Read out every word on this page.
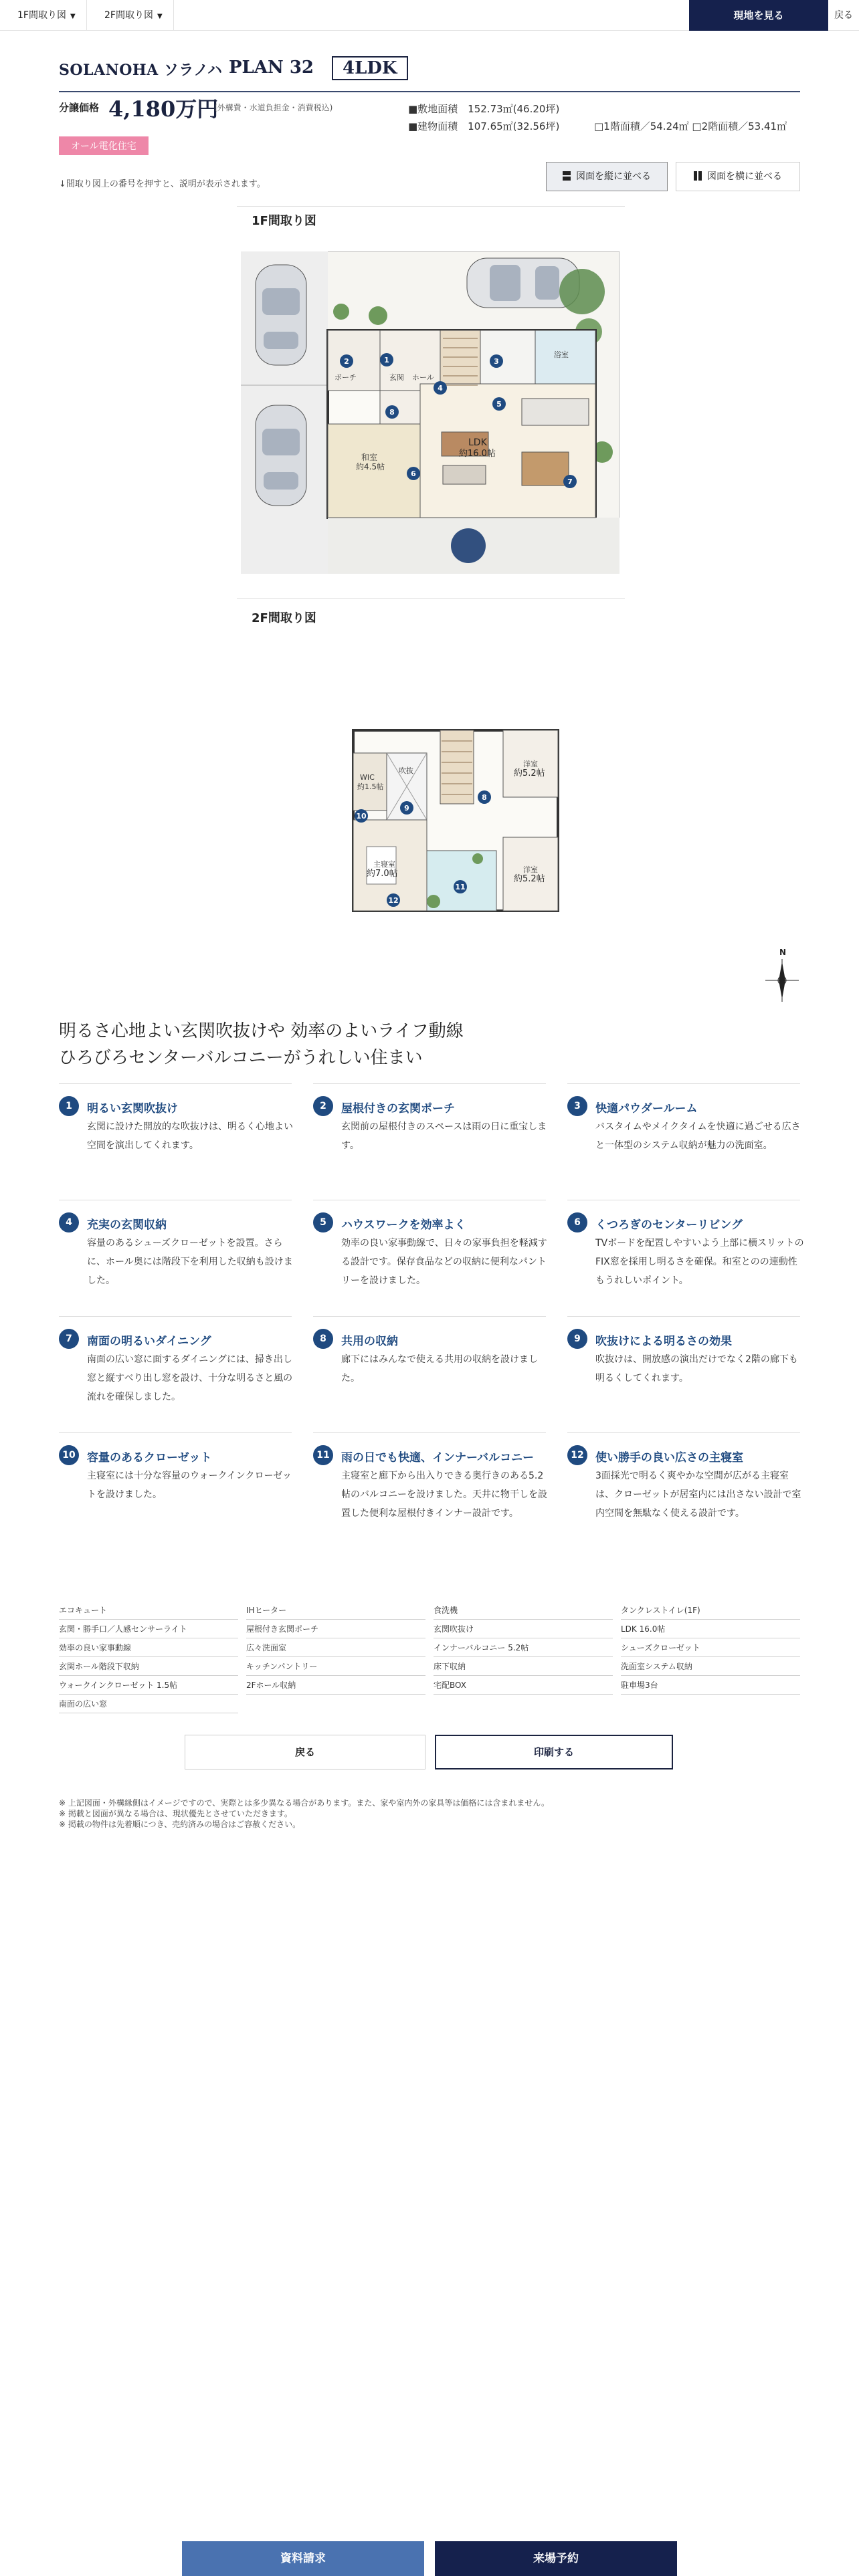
1F間取り図 ▼	2F間取り図 ▼	現地を見る	戻る
SOLANOHA ソラノハ PLAN 32	4LDK
分譲価格 4,180万円
(外構費・水道負担金・消費税込)	■敷地面積　152.73㎡(46.20坪)
■建物面積　107.65㎡(32.56坪)	□1階面積／54.24㎡ □2階面積／53.41㎡
オール電化住宅
↓間取り図上の番号を押すと、説明が表示されます。
図面を縦に並べる	図面を横に並べる
1F間取り図
ポーチ	玄関 ホール
浴室
LDK
約16.0帖
和室
約4.5帖
1
2	3
4
5
6
7
8
2F間取り図
WIC
約1.5帖
吹抜
洋室
約5.2帖
主寝室
約7.0帖	洋室
約5.2帖
8
9
10
11
12
N
明るさ心地よい玄関吹抜けや 効率のよいライフ動線
ひろびろセンターバルコニーがうれしい住まい
1	明るい玄関吹抜け
玄関に設けた開放的な吹抜けは、明るく心地よい空間を演出してくれます。
2	屋根付きの玄関ポーチ
玄関前の屋根付きのスペースは雨の日に重宝します。
3	快適パウダールーム
バスタイムやメイクタイムを快適に過ごせる広さと一体型のシステム収納が魅力の洗面室。
4	充実の玄関収納
容量のあるシューズクローゼットを設置。さらに、ホール奥には階段下を利用した収納も設けました。
5	ハウスワークを効率よく
効率の良い家事動線で、日々の家事負担を軽減する設計です。保存食品などの収納に便利なパントリーを設けました。
6	くつろぎのセンターリビング
TVボードを配置しやすいよう上部に横スリットのFIX窓を採用し明るさを確保。和室とのの連動性もうれしいポイント。
7	南面の明るいダイニング
南面の広い窓に面するダイニングには、掃き出し窓と縦すべり出し窓を設け、十分な明るさと風の流れを確保しました。
8	共用の収納
廊下にはみんなで使える共用の収納を設けました。
9	吹抜けによる明るさの効果
吹抜けは、開放感の演出だけでなく2階の廊下も明るくしてくれます。
10	容量のあるクローゼット
主寝室には十分な容量のウォークインクローゼットを設けました。
11	雨の日でも快適、インナーバルコニー
主寝室と廊下から出入りできる奥行きのある5.2帖のバルコニーを設けました。天井に物干しを設置した便利な屋根付きインナー設計です。
12	使い勝手の良い広さの主寝室
3面採光で明るく爽やかな空間が広がる主寝室は、クローゼットが居室内には出さない設計で室内空間を無駄なく使える設計です。
エコキュート	IHヒーター	食洗機	タンクレストイレ(1F)
玄関・勝手口／人感センサーライト	屋根付き玄関ポーチ	玄関吹抜け	LDK 16.0帖
効率の良い家事動線	広々洗面室	インナーバルコニー 5.2帖	シューズクローゼット
玄関ホール階段下収納	キッチンパントリー	床下収納	洗面室システム収納
ウォークインクローゼット 1.5帖	2Fホール収納	宅配BOX	駐車場3台
南面の広い窓
戻る	印刷する
※ 上記図面・外構縁側はイメージですので、実際とは多少異なる場合があります。また、家や室内外の家具等は価格には含まれません。
※ 掲載と図面が異なる場合は、現状優先とさせていただきます。
※ 掲載の物件は先着順につき、売約済みの場合はご容赦ください。
資料請求	来場予約
